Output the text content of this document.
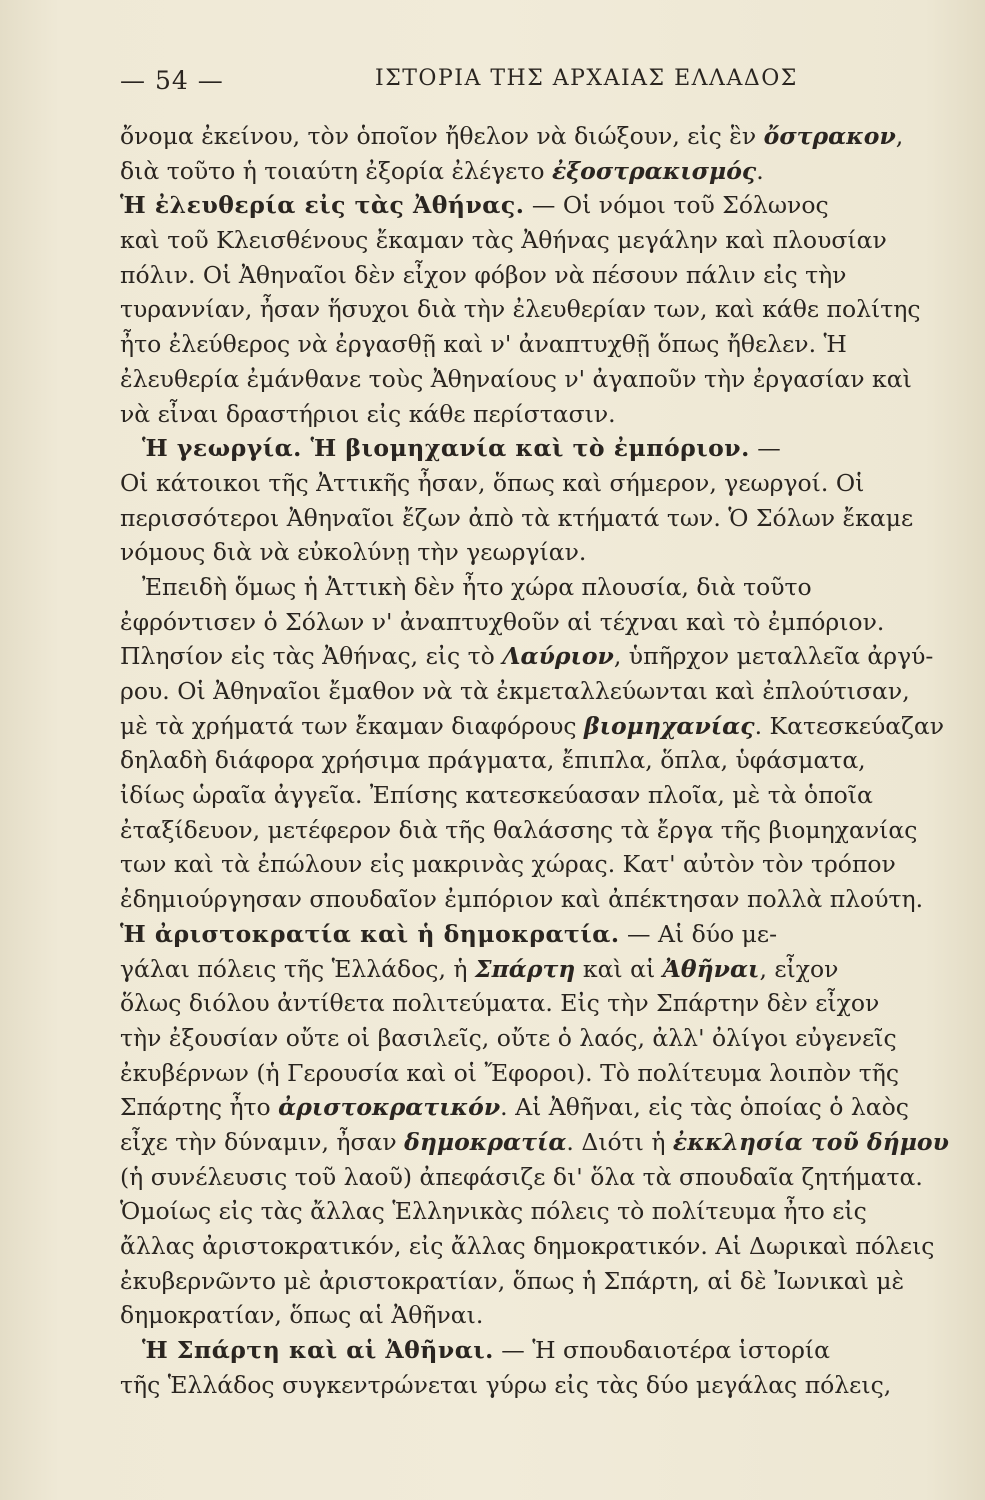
— 54 —	ΙΣΤΟΡΙΑ ΤΗΣ ΑΡΧΑΙΑΣ ΕΛΛΑΔΟΣ
ὄνομα ἐκείνου, τὸν ὁποῖον ἤθελον νὰ διώξουν, εἰς ἓν ὄστρακον,
διὰ τοῦτο ἡ τοιαύτη ἐξορία ἐλέγετο ἐξοστρακισμός.
Ἡ ἐλευθερία εἰς τὰς Ἀθήνας. — Οἱ νόμοι τοῦ Σόλωνος
καὶ τοῦ Κλεισθένους ἔκαμαν τὰς Ἀθήνας μεγάλην καὶ πλουσίαν
πόλιν. Οἱ Ἀθηναῖοι δὲν εἶχον φόβον νὰ πέσουν πάλιν εἰς τὴν
τυραννίαν, ἦσαν ἥσυχοι διὰ τὴν ἐλευθερίαν των, καὶ κάθε πολίτης
ἦτο ἐλεύθερος νὰ ἐργασθῇ καὶ ν' ἀναπτυχθῇ ὅπως ἤθελεν. Ἡ
ἐλευθερία ἐμάνθανε τοὺς Ἀθηναίους ν' ἀγαποῦν τὴν ἐργασίαν καὶ
νὰ εἶναι δραστήριοι εἰς κάθε περίστασιν.
Ἡ γεωργία. Ἡ βιομηχανία καὶ τὸ ἐμπόριον. —
Οἱ κάτοικοι τῆς Ἀττικῆς ἦσαν, ὅπως καὶ σήμερον, γεωργοί. Οἱ
περισσότεροι Ἀθηναῖοι ἔζων ἀπὸ τὰ κτήματά των. Ὁ Σόλων ἔκαμε
νόμους διὰ νὰ εὐκολύνῃ τὴν γεωργίαν.
Ἐπειδὴ ὅμως ἡ Ἀττικὴ δὲν ἦτο χώρα πλουσία, διὰ τοῦτο
ἐφρόντισεν ὁ Σόλων ν' ἀναπτυχθοῦν αἱ τέχναι καὶ τὸ ἐμπόριον.
Πλησίον εἰς τὰς Ἀθήνας, εἰς τὸ Λαύριον, ὑπῆρχον μεταλλεῖα ἀργύ-
ρου. Οἱ Ἀθηναῖοι ἔμαθον νὰ τὰ ἐκμεταλλεύωνται καὶ ἐπλούτισαν,
μὲ τὰ χρήματά των ἔκαμαν διαφόρους βιομηχανίας. Κατεσκεύαζαν
δηλαδὴ διάφορα χρήσιμα πράγματα, ἔπιπλα, ὅπλα, ὑφάσματα,
ἰδίως ὡραῖα ἀγγεῖα. Ἐπίσης κατεσκεύασαν πλοῖα, μὲ τὰ ὁποῖα
ἐταξίδευον, μετέφερον διὰ τῆς θαλάσσης τὰ ἔργα τῆς βιομηχανίας
των καὶ τὰ ἐπώλουν εἰς μακρινὰς χώρας. Κατ' αὐτὸν τὸν τρόπον
ἐδημιούργησαν σπουδαῖον ἐμπόριον καὶ ἀπέκτησαν πολλὰ πλούτη.
Ἡ ἀριστοκρατία καὶ ἡ δημοκρατία. — Αἱ δύο με-
γάλαι πόλεις τῆς Ἑλλάδος, ἡ Σπάρτη καὶ αἱ Ἀθῆναι, εἶχον
ὅλως διόλου ἀντίθετα πολιτεύματα. Εἰς τὴν Σπάρτην δὲν εἶχον
τὴν ἐξουσίαν οὔτε οἱ βασιλεῖς, οὔτε ὁ λαός, ἀλλ' ὀλίγοι εὐγενεῖς
ἐκυβέρνων (ἡ Γερουσία καὶ οἱ Ἔφοροι). Τὸ πολίτευμα λοιπὸν τῆς
Σπάρτης ἦτο ἀριστοκρατικόν. Αἱ Ἀθῆναι, εἰς τὰς ὁποίας ὁ λαὸς
εἶχε τὴν δύναμιν, ἦσαν δημοκρατία. Διότι ἡ ἐκκλησία τοῦ δήμου
(ἡ συνέλευσις τοῦ λαοῦ) ἀπεφάσιζε δι' ὅλα τὰ σπουδαῖα ζητήματα.
Ὁμοίως εἰς τὰς ἄλλας Ἑλληνικὰς πόλεις τὸ πολίτευμα ἦτο εἰς
ἄλλας ἀριστοκρατικόν, εἰς ἄλλας δημοκρατικόν. Αἱ Δωρικαὶ πόλεις
ἐκυβερνῶντο μὲ ἀριστοκρατίαν, ὅπως ἡ Σπάρτη, αἱ δὲ Ἰωνικαὶ μὲ
δημοκρατίαν, ὅπως αἱ Ἀθῆναι.
Ἡ Σπάρτη καὶ αἱ Ἀθῆναι. — Ἡ σπουδαιοτέρα ἱστορία
τῆς Ἑλλάδος συγκεντρώνεται γύρω εἰς τὰς δύο μεγάλας πόλεις,
